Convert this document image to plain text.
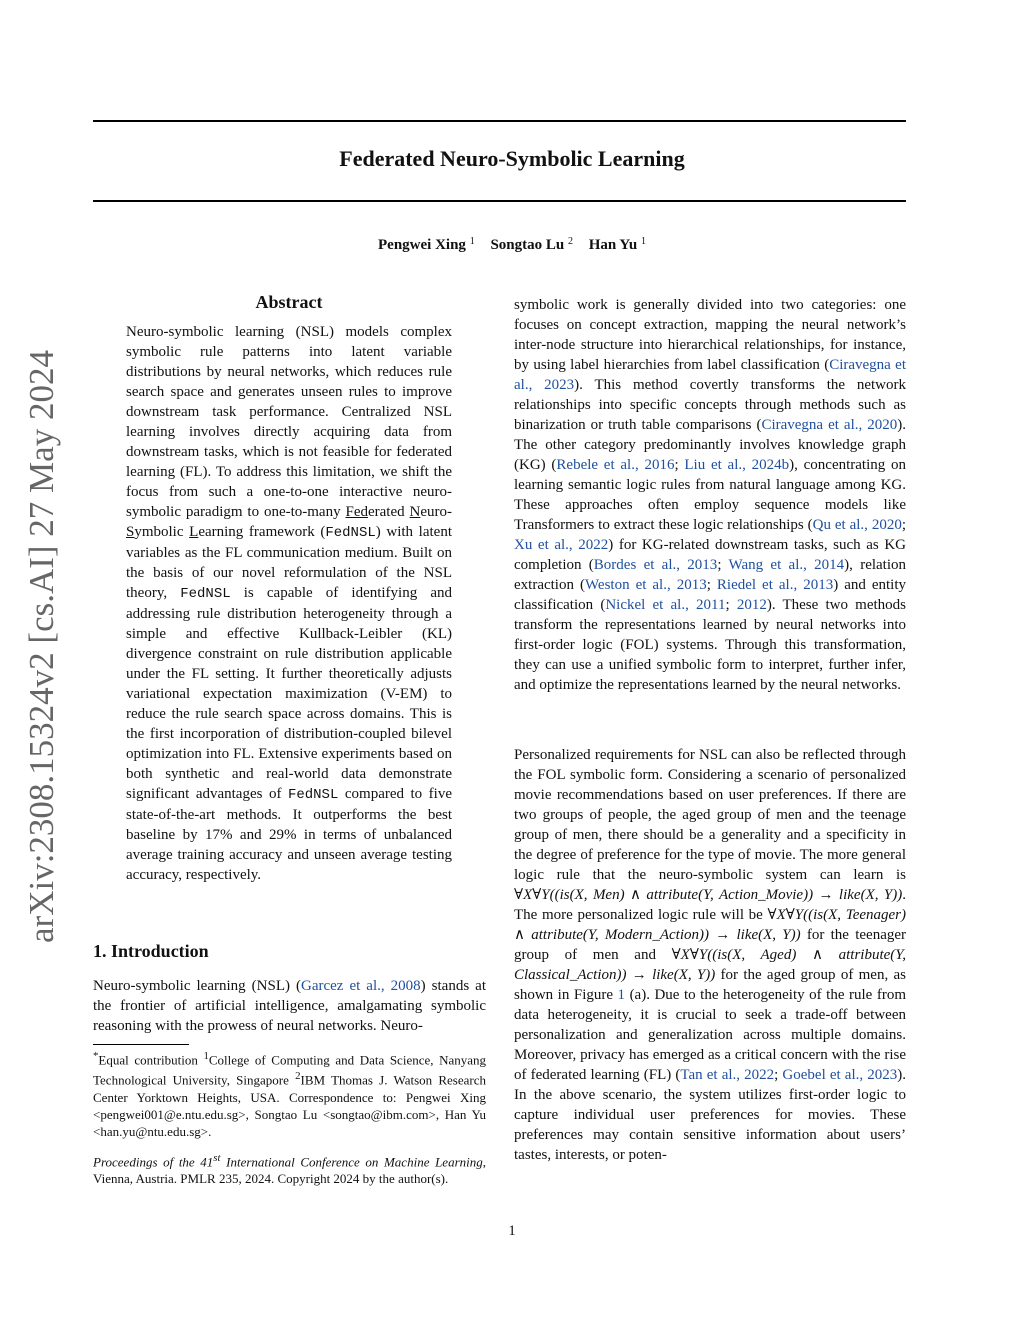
arXiv:2308.15324v2 [cs.AI] 27 May 2024
Federated Neuro-Symbolic Learning
Pengwei Xing $^1$ Songtao Lu $^2$ Han Yu $^1$
Abstract
Neuro-symbolic learning (NSL) models complex symbolic rule patterns into latent variable distributions by neural networks, which reduces rule search space and generates unseen rules to improve downstream task performance. Centralized NSL learning involves directly acquiring data from downstream tasks, which is not feasible for federated learning (FL). To address this limitation, we shift the focus from such a one-to-one interactive neuro-symbolic paradigm to one-to-many Federated Neuro-Symbolic Learning framework (FedNSL) with latent variables as the FL communication medium. Built on the basis of our novel reformulation of the NSL theory, FedNSL is capable of identifying and addressing rule distribution heterogeneity through a simple and effective Kullback-Leibler (KL) divergence constraint on rule distribution applicable under the FL setting. It further theoretically adjusts variational expectation maximization (V-EM) to reduce the rule search space across domains. This is the first incorporation of distribution-coupled bilevel optimization into FL. Extensive experiments based on both synthetic and real-world data demonstrate significant advantages of FedNSL compared to five state-of-the-art methods. It outperforms the best baseline by 17% and 29% in terms of unbalanced average training accuracy and unseen average testing accuracy, respectively.
1. Introduction
Neuro-symbolic learning (NSL) (Garcez et al., 2008) stands at the frontier of artificial intelligence, amalgamating symbolic reasoning with the prowess of neural networks. Neuro-
*Equal contribution $^1$College of Computing and Data Science, Nanyang Technological University, Singapore $^2$IBM Thomas J. Watson Research Center Yorktown Heights, USA. Correspondence to: Pengwei Xing <pengwei001@e.ntu.edu.sg>, Songtao Lu <songtao@ibm.com>, Han Yu <han.yu@ntu.edu.sg>.
Proceedings of the 41st International Conference on Machine Learning, Vienna, Austria. PMLR 235, 2024. Copyright 2024 by the author(s).
symbolic work is generally divided into two categories: one focuses on concept extraction, mapping the neural network’s inter-node structure into hierarchical relationships, for instance, by using label hierarchies from label classification (Ciravegna et al., 2023). This method covertly transforms the network relationships into specific concepts through methods such as binarization or truth table comparisons (Ciravegna et al., 2020). The other category predominantly involves knowledge graph (KG) (Rebele et al., 2016; Liu et al., 2024b), concentrating on learning semantic logic rules from natural language among KG. These approaches often employ sequence models like Transformers to extract these logic relationships (Qu et al., 2020; Xu et al., 2022) for KG-related downstream tasks, such as KG completion (Bordes et al., 2013; Wang et al., 2014), relation extraction (Weston et al., 2013; Riedel et al., 2013) and entity classification (Nickel et al., 2011; 2012). These two methods transform the representations learned by neural networks into first-order logic (FOL) systems. Through this transformation, they can use a unified symbolic form to interpret, further infer, and optimize the representations learned by the neural networks.
Personalized requirements for NSL can also be reflected through the FOL symbolic form. Considering a scenario of personalized movie recommendations based on user preferences. If there are two groups of people, the aged group of men and the teenage group of men, there should be a generality and a specificity in the degree of preference for the type of movie. The more general logic rule that the neuro-symbolic system can learn is ∀X∀Y((is(X, Men) ∧ attribute(Y, Action_Movie)) → like(X, Y)). The more personalized logic rule will be ∀X∀Y((is(X, Teenager) ∧ attribute(Y, Modern_Action)) → like(X, Y)) for the teenager group of men and ∀X∀Y((is(X, Aged) ∧ attribute(Y, Classical_Action)) → like(X, Y)) for the aged group of men, as shown in Figure 1 (a). Due to the heterogeneity of the rule from data heterogeneity, it is crucial to seek a trade-off between personalization and generalization across multiple domains. Moreover, privacy has emerged as a critical concern with the rise of federated learning (FL) (Tan et al., 2022; Goebel et al., 2023). In the above scenario, the system utilizes first-order logic to capture individual user preferences for movies. These preferences may contain sensitive information about users’ tastes, interests, or poten-
1
